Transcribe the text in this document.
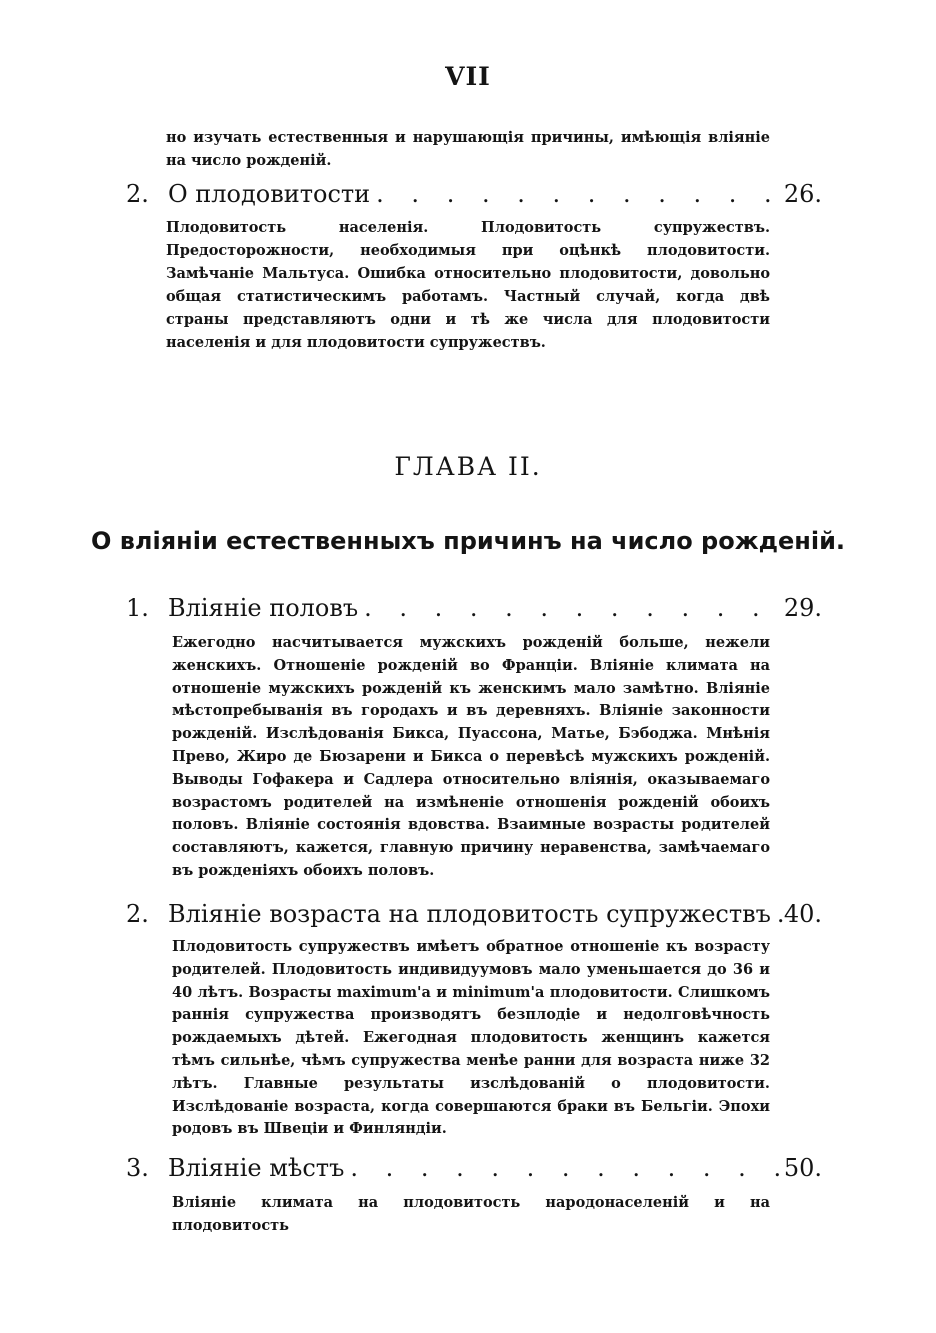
VII

но изучать естественныя и нарушающія причины, имѣющія вліяніе на число рожденій.

2. О плодовитости . . .	26.

Плодовитость населенія. Плодовитость супружествъ. Предосторожности, необходимыя при оцѣнкѣ плодовитости. Замѣчаніе Мальтуса. Ошибка относительно плодовитости, довольно общая статистическимъ работамъ. Частный случай, когда двѣ страны представляютъ одни и тѣ же числа для плодовитости населенія и для плодовитости супружествъ.

ГЛАВА II.
О вліяніи естественныхъ причинъ на число рожденій.
1. Вліяніе половъ . . .	29.

Ежегодно насчитывается мужскихъ рожденій больше, нежели женскихъ. Отношеніе рожденій во Франціи. Вліяніе климата на отношеніе мужскихъ рожденій къ женскимъ мало замѣтно. Вліяніе мѣстопребыванія въ городахъ и въ деревняхъ. Вліяніе законности рожденій. Изслѣдованія Бикса, Пуассона, Матье, Бэбоджа. Мнѣнія Прево, Жиро де Бюзарени и Бикса о перевѣсѣ мужскихъ рожденій. Выводы Гофакера и Садлера относительно вліянія, оказываемаго возрастомъ родителей на измѣненіе отношенія рожденій обоихъ половъ. Вліяніе состоянія вдовства. Взаимные возрасты родителей составляютъ, кажется, главную причину неравенства, замѣчаемаго въ рожденіяхъ обоихъ половъ.

2. Вліяніе возраста на плодовитость супружествъ . . . 40.

Плодовитость супружествъ имѣетъ обратное отношеніе къ возрасту родителей. Плодовитость индивидуумовъ мало уменьшается до 36 и 40 лѣтъ. Возрасты maximum'а и minimum'а плодовитости. Слишкомъ раннія супружества производятъ безплодіе и недолговѣчность рождаемыхъ дѣтей. Ежегодная плодовитость женщинъ кажется тѣмъ сильнѣе, чѣмъ супружества менѣе ранни для возраста ниже 32 лѣтъ. Главные результаты изслѣдованій о плодовитости. Изслѣдованіе возраста, когда совершаются браки въ Бельгіи. Эпохи родовъ въ Швеціи и Финляндіи.

3. Вліяніе мѣстъ . . .	50.

Вліяніе климата на плодовитость народонаселеній и на плодовитость
